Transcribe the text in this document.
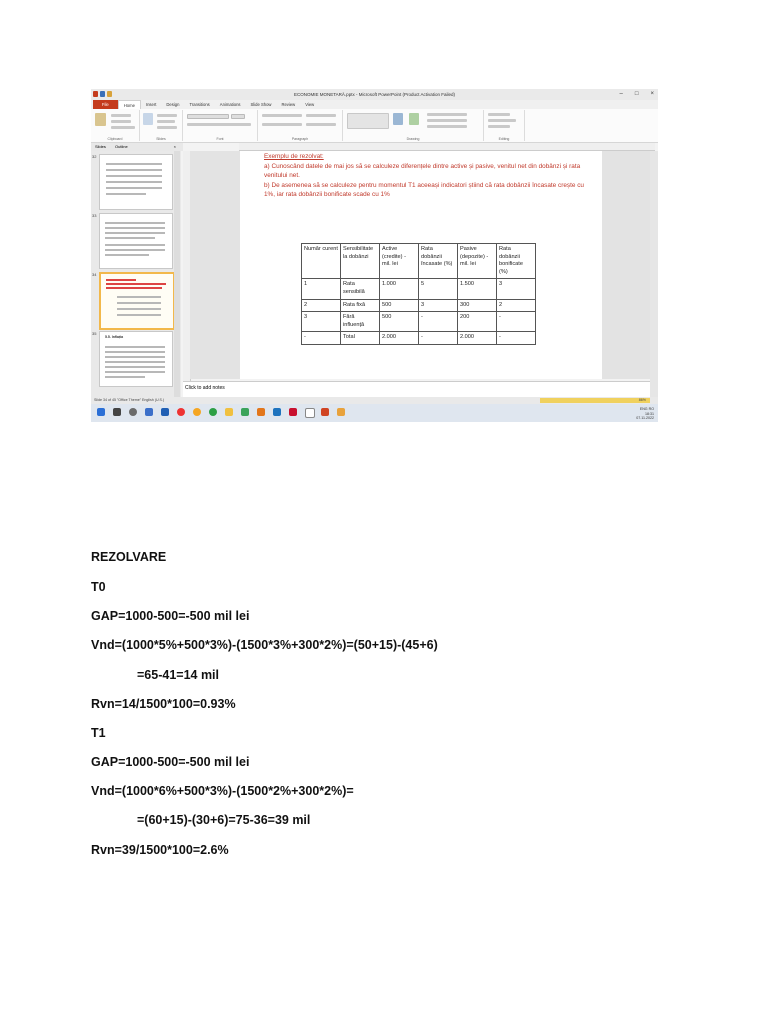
ECONOMIE MONETARĂ.pptx - Microsoft PowerPoint (Product Activation Failed)	– □ ×
File	Home	Insert	Design	Transitions	Animations	Slide Show	Review	View
Clipboard	Slides	Font	Paragraph	Drawing	Editing
Slides Outline	×
32
33
34
35
5.5. Inflația

Exemplu de rezolvat:

a) Cunoscând datele de mai jos să se calculeze diferențele dintre active și pasive, venitul net din dobânzi și rata venitului net.

b) De asemenea să se calculeze pentru momentul T1 aceeași indicatori știind că rata dobânzii încasate crește cu 1%, iar rata dobânzii bonificate scade cu 1%

Număr curent	Sensibilitate la dobânzi	Active (credite) - mil. lei	Rata dobânzii încasate (%)	Pasive (depozite) - mil. lei	Rata dobânzii bonificate (%)
1	Rata sensibilă	1.000	5	1.500	3
2	Rata fixă	500	3	300	2
3	Fără influență	500	-	200	-
-	Total	2.000	-	2.000	-
Click to add notes
Slide 34 of 45 "Office Theme" English (U.S.)	86%
ENG RO
18:31
07.11.2022
REZOLVARE
T0
GAP=1000-500=-500 mil lei
Vnd=(1000*5%+500*3%)-(1500*3%+300*2%)=(50+15)-(45+6)
=65-41=14 mil
Rvn=14/1500*100=0.93%
T1
GAP=1000-500=-500 mil lei
Vnd=(1000*6%+500*3%)-(1500*2%+300*2%)=
=(60+15)-(30+6)=75-36=39 mil
Rvn=39/1500*100=2.6%
